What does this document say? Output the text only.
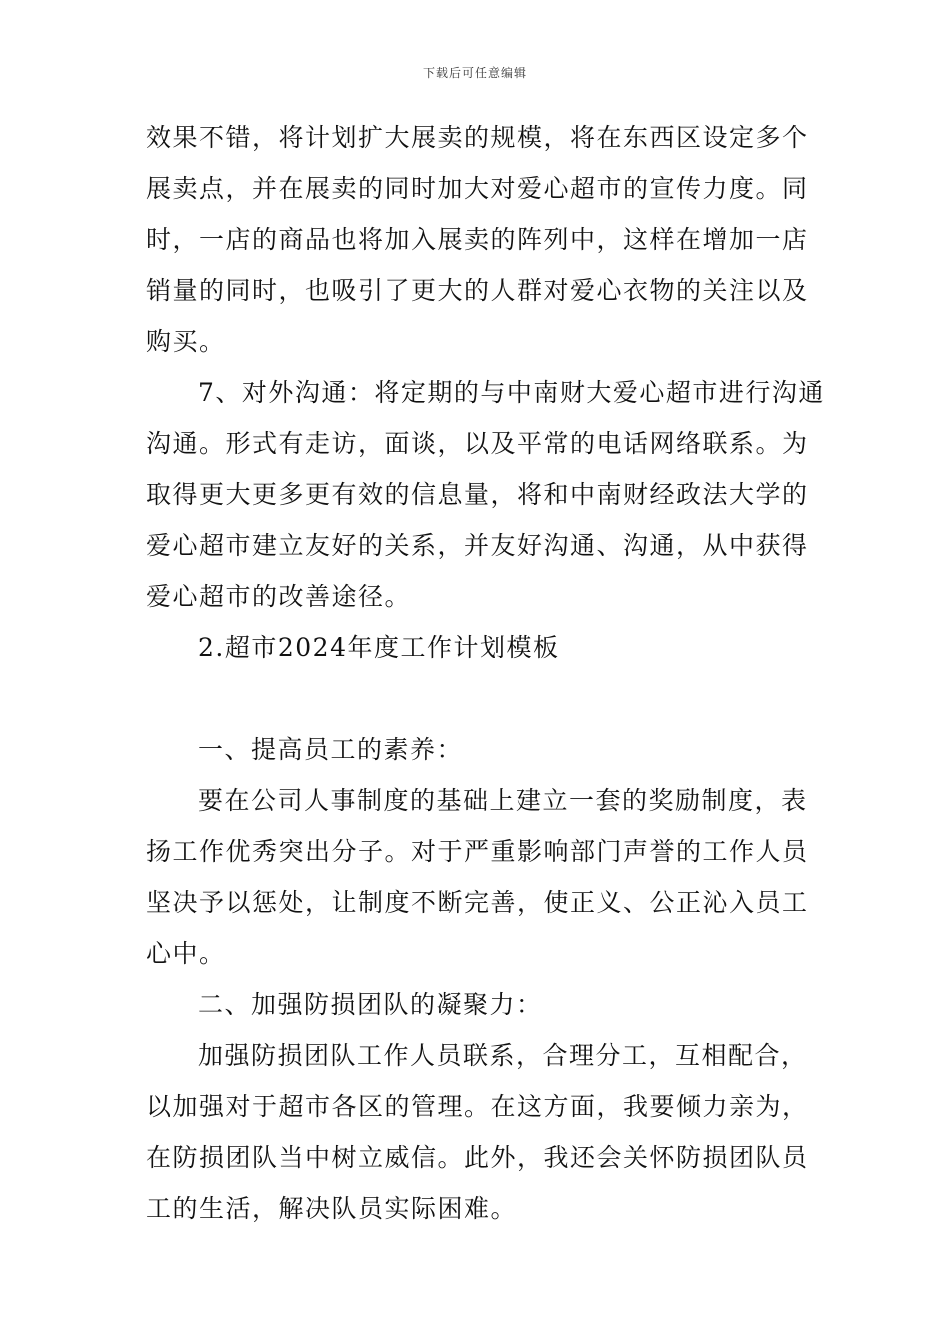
下载后可任意编辑
效果不错，将计划扩大展卖的规模，将在东西区设定多个
展卖点，并在展卖的同时加大对爱心超市的宣传力度。同
时，一店的商品也将加入展卖的阵列中，这样在增加一店
销量的同时，也吸引了更大的人群对爱心衣物的关注以及
购买。
7、对外沟通：将定期的与中南财大爱心超市进行沟通
沟通。形式有走访，面谈，以及平常的电话网络联系。为
取得更大更多更有效的信息量，将和中南财经政法大学的
爱心超市建立友好的关系，并友好沟通、沟通，从中获得
爱心超市的改善途径。
2.超市2024年度工作计划模板
一、提高员工的素养：
要在公司人事制度的基础上建立一套的奖励制度，表
扬工作优秀突出分子。对于严重影响部门声誉的工作人员
坚决予以惩处，让制度不断完善，使正义、公正沁入员工
心中。
二、加强防损团队的凝聚力：
加强防损团队工作人员联系，合理分工，互相配合，
以加强对于超市各区的管理。在这方面，我要倾力亲为，
在防损团队当中树立威信。此外，我还会关怀防损团队员
工的生活，解决队员实际困难。
